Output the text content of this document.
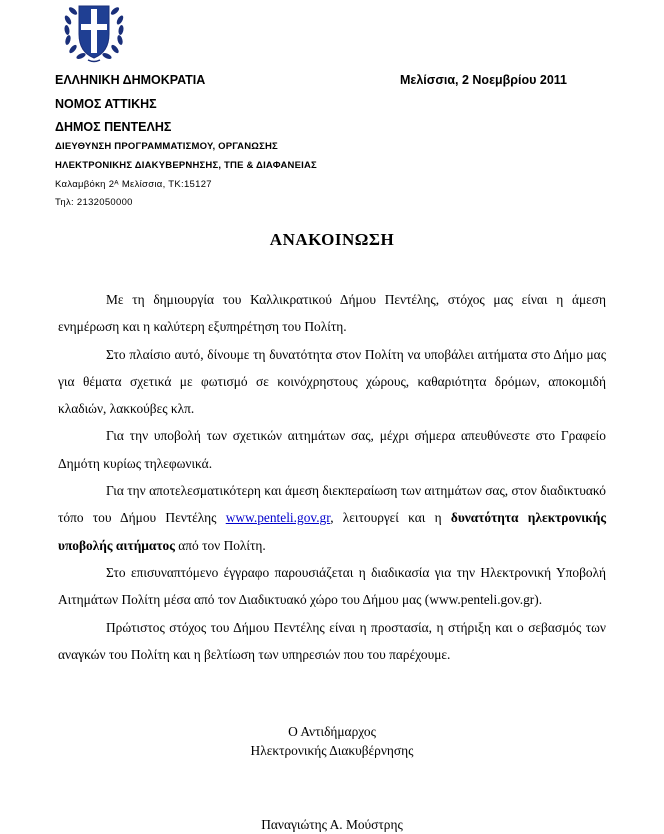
ΕΛΛΗΝΙΚΗ ΔΗΜΟΚΡΑΤΙΑ
ΝΟΜΟΣ ΑΤΤΙΚΗΣ
ΔΗΜΟΣ ΠΕΝΤΕΛΗΣ
ΔΙΕΥΘΥΝΣΗ ΠΡΟΓΡΑΜΜΑΤΙΣΜΟΥ, ΟΡΓΑΝΩΣΗΣ
ΗΛΕΚΤΡΟΝΙΚΗΣ ΔΙΑΚΥΒΕΡΝΗΣΗΣ, ΤΠΕ & ΔΙΑΦΑΝΕΙΑΣ
Καλαμβόκη 2ᴬ Μελίσσια, ΤΚ:15127
Τηλ: 2132050000
Μελίσσια, 2 Νοεμβρίου 2011
ΑΝΑΚΟΙΝΩΣΗ

Με τη δημιουργία του Καλλικρατικού Δήμου Πεντέλης, στόχος μας είναι η άμεση ενημέρωση και η καλύτερη εξυπηρέτηση του Πολίτη.

Στο πλαίσιο αυτό, δίνουμε τη δυνατότητα στον Πολίτη να υποβάλει αιτήματα στο Δήμο μας για θέματα σχετικά με φωτισμό σε κοινόχρηστους χώρους, καθαριότητα δρόμων, αποκομιδή κλαδιών, λακκούβες κλπ.

Για την υποβολή των σχετικών αιτημάτων σας, μέχρι σήμερα απευθύνεστε στο Γραφείο Δημότη κυρίως τηλεφωνικά.

Για την αποτελεσματικότερη και άμεση διεκπεραίωση των αιτημάτων σας, στον διαδικτυακό τόπο του Δήμου Πεντέλης www.penteli.gov.gr, λειτουργεί και η δυνατότητα ηλεκτρονικής υποβολής αιτήματος από τον Πολίτη.

Στο επισυναπτόμενο έγγραφο παρουσιάζεται η διαδικασία για την Ηλεκτρονική Υποβολή Αιτημάτων Πολίτη μέσα από τον Διαδικτυακό χώρο του Δήμου μας (www.penteli.gov.gr).

Πρώτιστος στόχος του Δήμου Πεντέλης είναι η προστασία, η στήριξη και ο σεβασμός των αναγκών του Πολίτη και η βελτίωση των υπηρεσιών που του παρέχουμε.

Ο Αντιδήμαρχος
Ηλεκτρονικής Διακυβέρνησης
Παναγιώτης Α. Μούστρης
